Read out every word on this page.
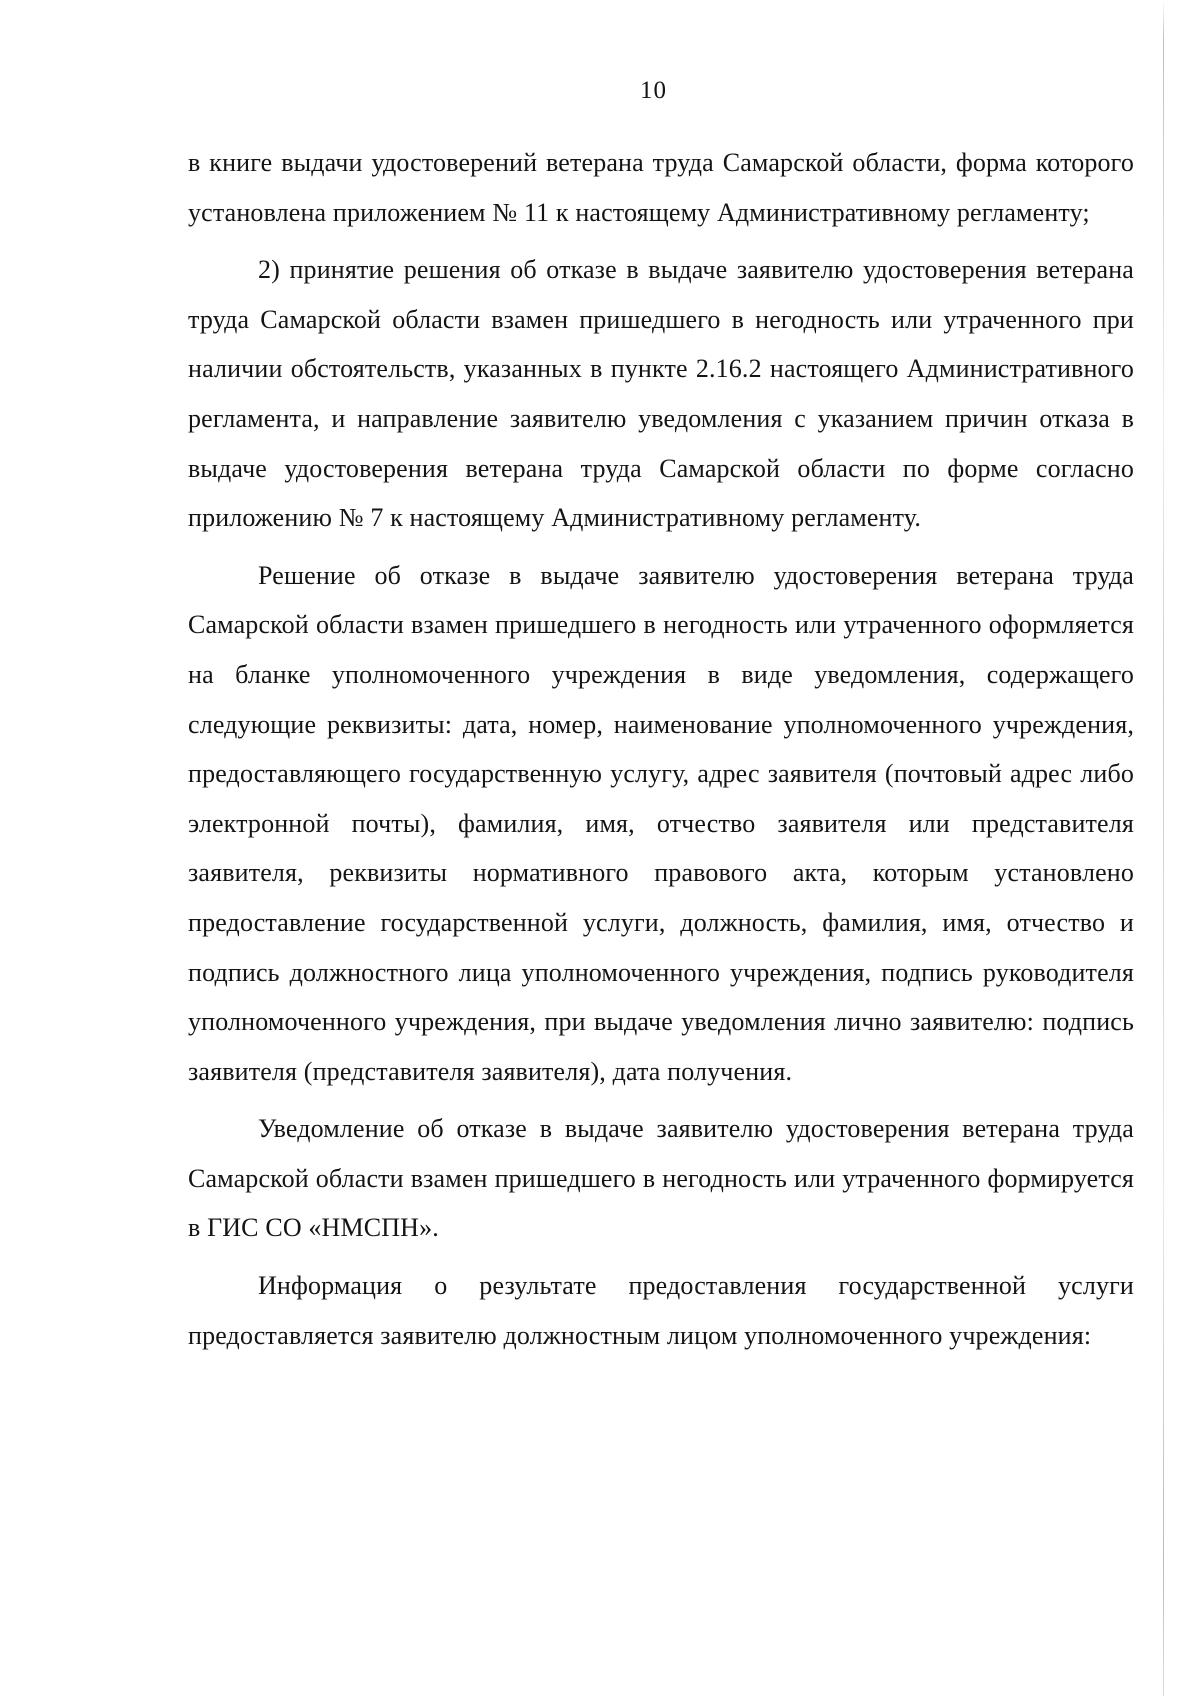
10

в книге выдачи удостоверений ветерана труда Самарской области, форма которого установлена приложением № 11 к настоящему Административному регламенту;

2) принятие решения об отказе в выдаче заявителю удостоверения ветерана труда Самарской области взамен пришедшего в негодность или утраченного при наличии обстоятельств, указанных в пункте 2.16.2 настоящего Административного регламента, и направление заявителю уведомления с указанием причин отказа в выдаче удостоверения ветерана труда Самарской области по форме согласно приложению № 7 к настоящему Административному регламенту.

Решение об отказе в выдаче заявителю удостоверения ветерана труда Самарской области взамен пришедшего в негодность или утраченного оформляется на бланке уполномоченного учреждения в виде уведомления, содержащего следующие реквизиты: дата, номер, наименование уполномоченного учреждения, предоставляющего государственную услугу, адрес заявителя (почтовый адрес либо электронной почты), фамилия, имя, отчество заявителя или представителя заявителя, реквизиты нормативного правового акта, которым установлено предоставление государственной услуги, должность, фамилия, имя, отчество и подпись должностного лица уполномоченного учреждения, подпись руководителя уполномоченного учреждения, при выдаче уведомления лично заявителю: подпись заявителя (представителя заявителя), дата получения.

Уведомление об отказе в выдаче заявителю удостоверения ветерана труда Самарской области взамен пришедшего в негодность или утраченного формируется в ГИС СО «НМСПН».

Информация о результате предоставления государственной услуги предоставляется заявителю должностным лицом уполномоченного учреждения:
